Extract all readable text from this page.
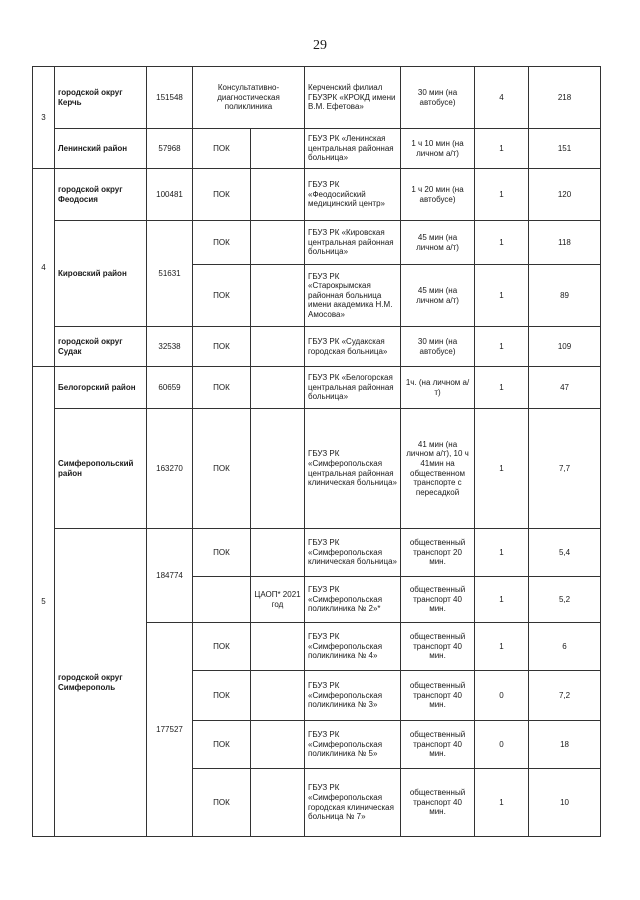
29
3	городской округ Керчь	151548	Консультативно-диагностическая поликлиника		Керченский филиал ГБУЗРК «КРОКД имени В.М. Ефетова»	30 мин (на автобусе)	4	218
	Ленинский район	57968	ПОК		ГБУЗ РК «Ленинская центральная районная больница»	1 ч 10 мин (на личном а/т)	1	151
4	городской округ Феодосия	100481	ПОК		ГБУЗ РК «Феодосийский медицинский центр»	1 ч 20 мин (на автобусе)	1	120
	Кировский район	51631	ПОК		ГБУЗ РК «Кировская центральная районная больница»	45 мин (на личном а/т)	1	118
			ПОК		ГБУЗ РК «Старокрымская районная больница имени академика Н.М. Амосова»	45 мин (на личном а/т)	1	89
	городской округ Судак	32538	ПОК		ГБУЗ РК «Судакская городская больница»	30 мин (на автобусе)	1	109
5	Белогорский район	60659	ПОК		ГБУЗ РК «Белогорская центральная районная больница»	1ч. (на личном а/т)	1	47
	Симферопольский район	163270	ПОК		ГБУЗ РК «Симферопольская центральная районная клиническая больница»	41 мин (на личном а/т), 10 ч 41мин на общественном транспорте с пересадкой	1	7,7
	городской округ Симферополь	184774	ПОК		ГБУЗ РК «Симферопольская клиническая больница»	общественный транспорт 20 мин.	1	5,4
				ЦАОП* 2021 год	ГБУЗ РК «Симферопольская поликлиника № 2»*	общественный транспорт 40 мин.	1	5,2
		177527	ПОК		ГБУЗ РК «Симферопольская поликлиника № 4»	общественный транспорт 40 мин.	1	6
			ПОК		ГБУЗ РК «Симферопольская поликлиника № 3»	общественный транспорт 40 мин.	0	7,2
			ПОК		ГБУЗ РК «Симферопольская поликлиника № 5»	общественный транспорт 40 мин.	0	18
			ПОК		ГБУЗ РК «Симферопольская городская клиническая больница № 7»	общественный транспорт 40 мин.	1	10
